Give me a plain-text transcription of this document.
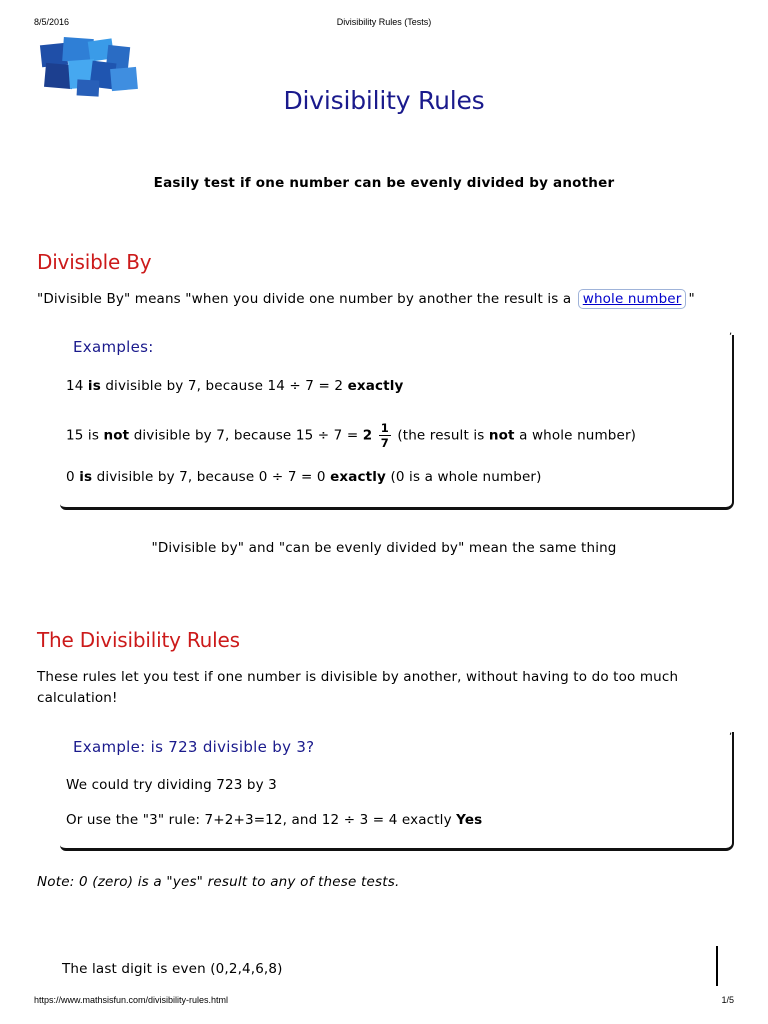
8/5/2016	Divisibility Rules (Tests)
Divisibility Rules
Easily test if one number can be evenly divided by another
Divisible By
"Divisible By" means "when you divide one number by another the result is a whole number "
,
Examples:
14 is divisible by 7, because 14 ÷ 7 = 2 exactly
15 is not divisible by 7, because $15 \div 7 = 2 \frac{1}{7} (the$ result is not a whole number)
0 is divisible by 7, because 0 ÷ 7 = 0 exactly (0 is a whole number)
"Divisible by" and "can be evenly divided by" mean the same thing
The Divisibility Rules
These rules let you test if one number is divisible by another, without having to do too much calculation!
,
Example: is 723 divisible by 3?
We could try dividing 723 by 3
Or use the "3" rule: 7+2+3=12, and 12 ÷ 3 = 4 exactly Yes
Note: 0 (zero) is a "yes" result to any of these tests.
The last digit is even (0,2,4,6,8)
https://www.mathsisfun.com/divisibility-rules.html	1/5
